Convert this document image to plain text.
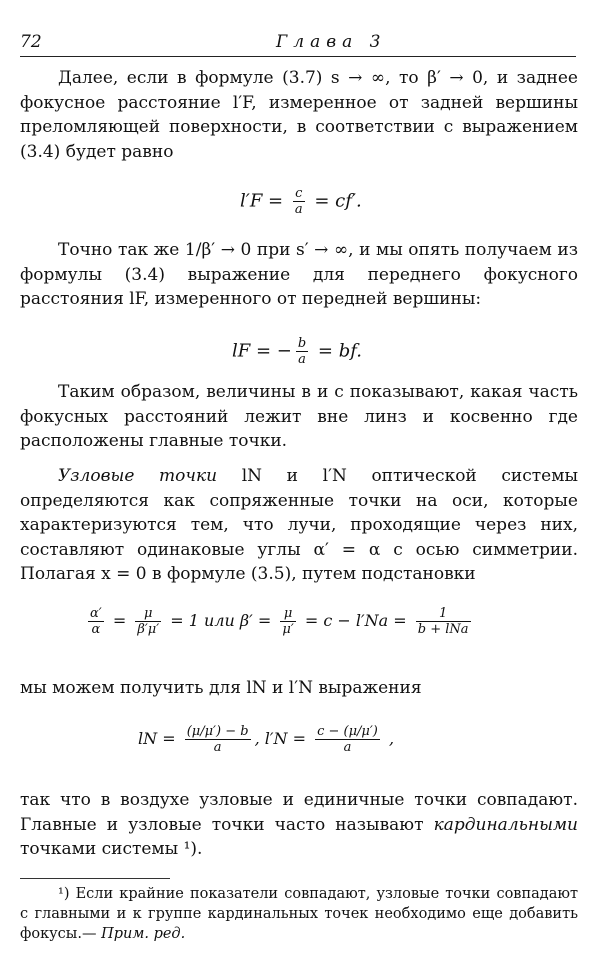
72	Глава 3
Далее, если в формуле (3.7) s → ∞, то β′ → 0, и заднее фокусное расстояние l′F, измеренное от задней вершины преломляющей поверхности, в соответствии с выражением (3.4) будет равно
$l'F = \frac{c}{a} = cf'$.
Точно так же 1/β′ → 0 при s′ → ∞, и мы опять получаем из формулы (3.4) выражение для переднего фокусного расстояния lF, измеренного от передней вершины:
lF = − $\frac{b}{a}$ = bf.
Таким образом, величины в и с показывают, какая часть фокусных расстояний лежит вне линз и косвенно где расположены главные точки.
Узловые точки lN и l′N оптической системы определяются как сопряженные точки на оси, которые характеризуются тем, что лучи, проходящие через них, составляют одинаковые углы α′ = α с осью симметрии. Полагая x = 0 в формуле (3.5), путем подстановки
$\frac{\alpha'}{\alpha} = \frac{\mu}{\beta'\mu'} = 1$ или $\beta' = \frac{\mu}{\mu'} = c - l'Na = \frac{1}{\text{b + lNa}}$
мы можем получить для lN и l′N выражения
lN = $\frac{(\mu/\mu') - b}{a}$ , $l'N = \frac{c - (\mu/\mu')}{a}$ ,
так что в воздухе узловые и единичные точки совпадают. Главные и узловые точки часто называют кардинальными точками системы ¹).
¹) Если крайние показатели совпадают, узловые точки совпадают с главными и к группе кардинальных точек необходимо еще добавить фокусы.— Прим. ред.
